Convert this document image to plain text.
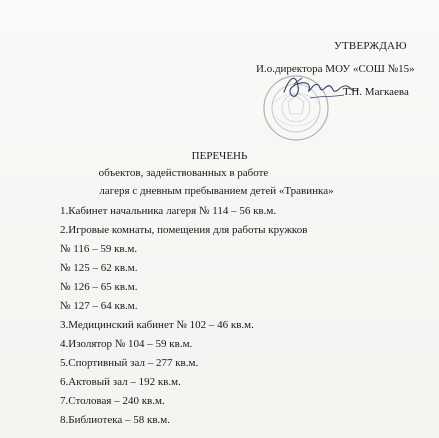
УТВЕРЖДАЮ
И.о.директора МОУ «СОШ №15»
Т.П. Магкаева
ПЕРЕЧЕНЬ
объектов, задействованных в работе
лагеря с дневным пребыванием детей «Травинка»
1.Кабинет начальника лагеря № 114 – 56 кв.м.
2.Игровые комнаты, помещения для работы кружков
№ 116 – 59 кв.м.
№ 125 – 62 кв.м.
№ 126 – 65 кв.м.
№ 127 – 64 кв.м.
3.Медицинский кабинет № 102 – 46 кв.м.
4.Изолятор № 104 – 59 кв.м.
5.Спортивный зал – 277 кв.м.
6.Актовый зал – 192 кв.м.
7.Столовая – 240 кв.м.
8.Библиотека – 58 кв.м.
